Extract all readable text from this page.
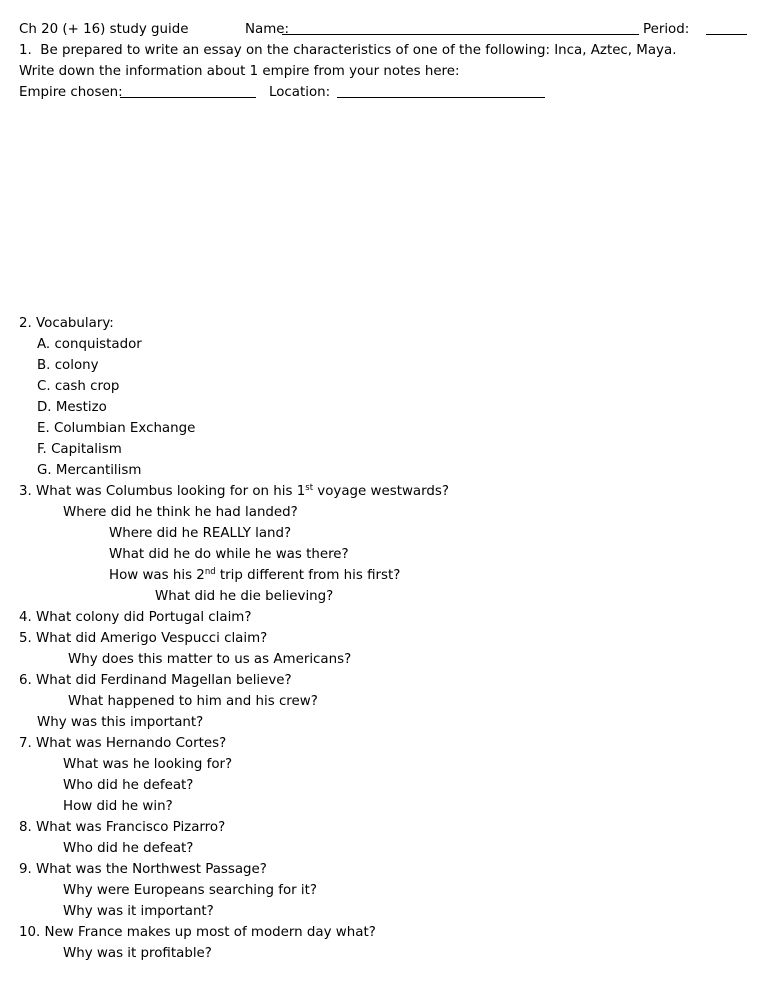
Ch 20 (+ 16) study guide	Name:	Period:
1.  Be prepared to write an essay on the characteristics of one of the following: Inca, Aztec, Maya.
Write down the information about 1 empire from your notes here:
Empire chosen:	Location:
2. Vocabulary:
A. conquistador
B. colony
C. cash crop
D. Mestizo
E. Columbian Exchange
F. Capitalism
G. Mercantilism
3. What was Columbus looking for on his 1st voyage westwards?
Where did he think he had landed?
Where did he REALLY land?
What did he do while he was there?
How was his 2nd trip different from his first?
What did he die believing?
4. What colony did Portugal claim?
5. What did Amerigo Vespucci claim?
Why does this matter to us as Americans?
6. What did Ferdinand Magellan believe?
What happened to him and his crew?
Why was this important?
7. What was Hernando Cortes?
What was he looking for?
Who did he defeat?
How did he win?
8. What was Francisco Pizarro?
Who did he defeat?
9. What was the Northwest Passage?
Why were Europeans searching for it?
Why was it important?
10. New France makes up most of modern day what?
Why was it profitable?
